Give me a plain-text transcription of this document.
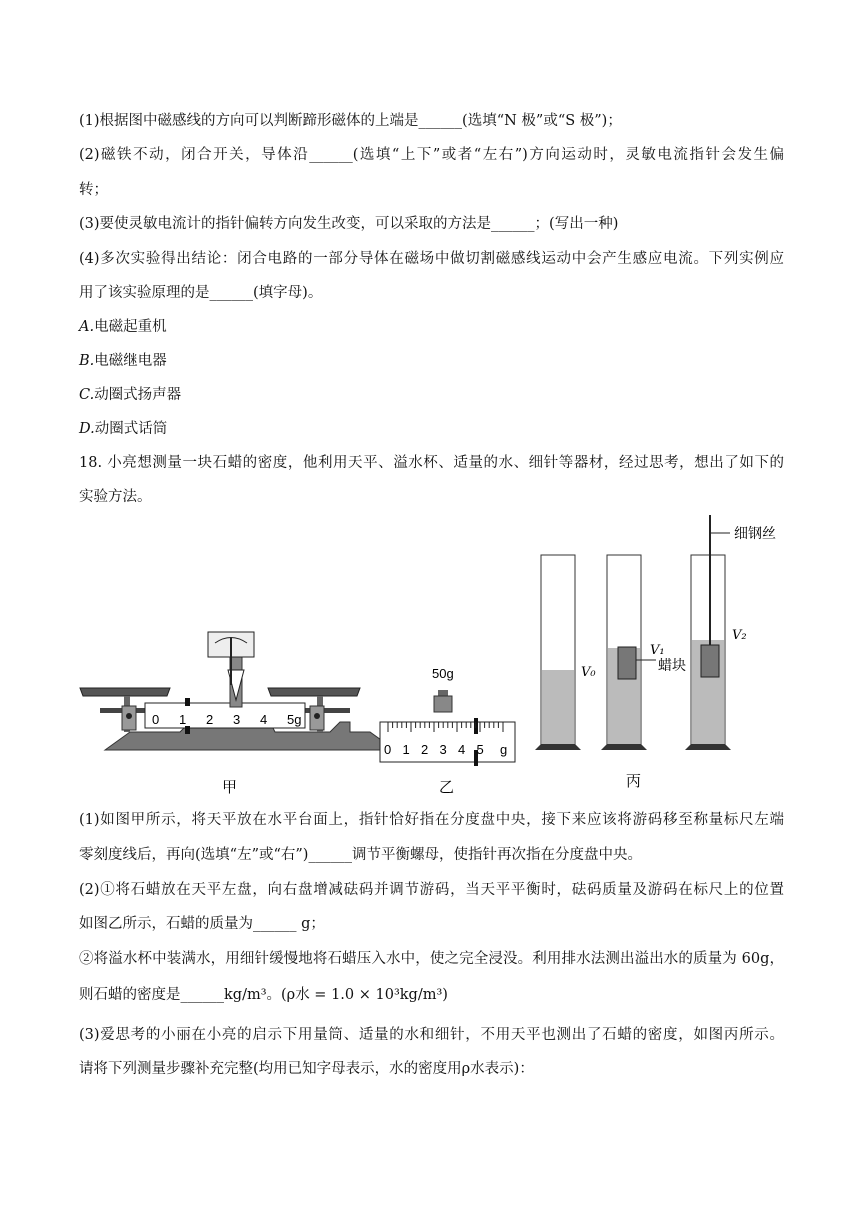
(1)根据图中磁感线的方向可以判断蹄形磁体的上端是______(选填“N 极”或“S 极”)；
(2)磁铁不动，闭合开关，导体沿______(选填“上下”或者“左右”)方向运动时，灵敏电流指针会发生偏
转；
(3)要使灵敏电流计的指针偏转方向发生改变，可以采取的方法是______；(写出一种)
(4)多次实验得出结论：闭合电路的一部分导体在磁场中做切割磁感线运动中会产生感应电流。下列实例应
用了该实验原理的是______(填字母)。
A.电磁起重机
B.电磁继电器
C.动圈式扬声器
D.动圈式话筒
18. 小亮想测量一块石蜡的密度，他利用天平、溢水杯、适量的水、细针等器材，经过思考，想出了如下的
实验方法。
0 1 2 3 4 5g
50g
0 1 2 3 4 5 g
V₀
V₁
蜡块
V₂
细钢丝
甲	乙	丙
(1)如图甲所示，将天平放在水平台面上，指针恰好指在分度盘中央，接下来应该将游码移至称量标尺左端
零刻度线后，再向(选填“左”或“右”)______调节平衡螺母，使指针再次指在分度盘中央。
(2)①将石蜡放在天平左盘，向右盘增减砝码并调节游码，当天平平衡时，砝码质量及游码在标尺上的位置
如图乙所示，石蜡的质量为______ g；
②将溢水杯中装满水，用细针缓慢地将石蜡压入水中，使之完全浸没。利用排水法测出溢出水的质量为 60g，
则石蜡的密度是______kg/m³。(ρ水 = 1.0 × 10³kg/m³)
(3)爱思考的小丽在小亮的启示下用量筒、适量的水和细针，不用天平也测出了石蜡的密度，如图丙所示。
请将下列测量步骤补充完整(均用已知字母表示，水的密度用ρ水表示)：
